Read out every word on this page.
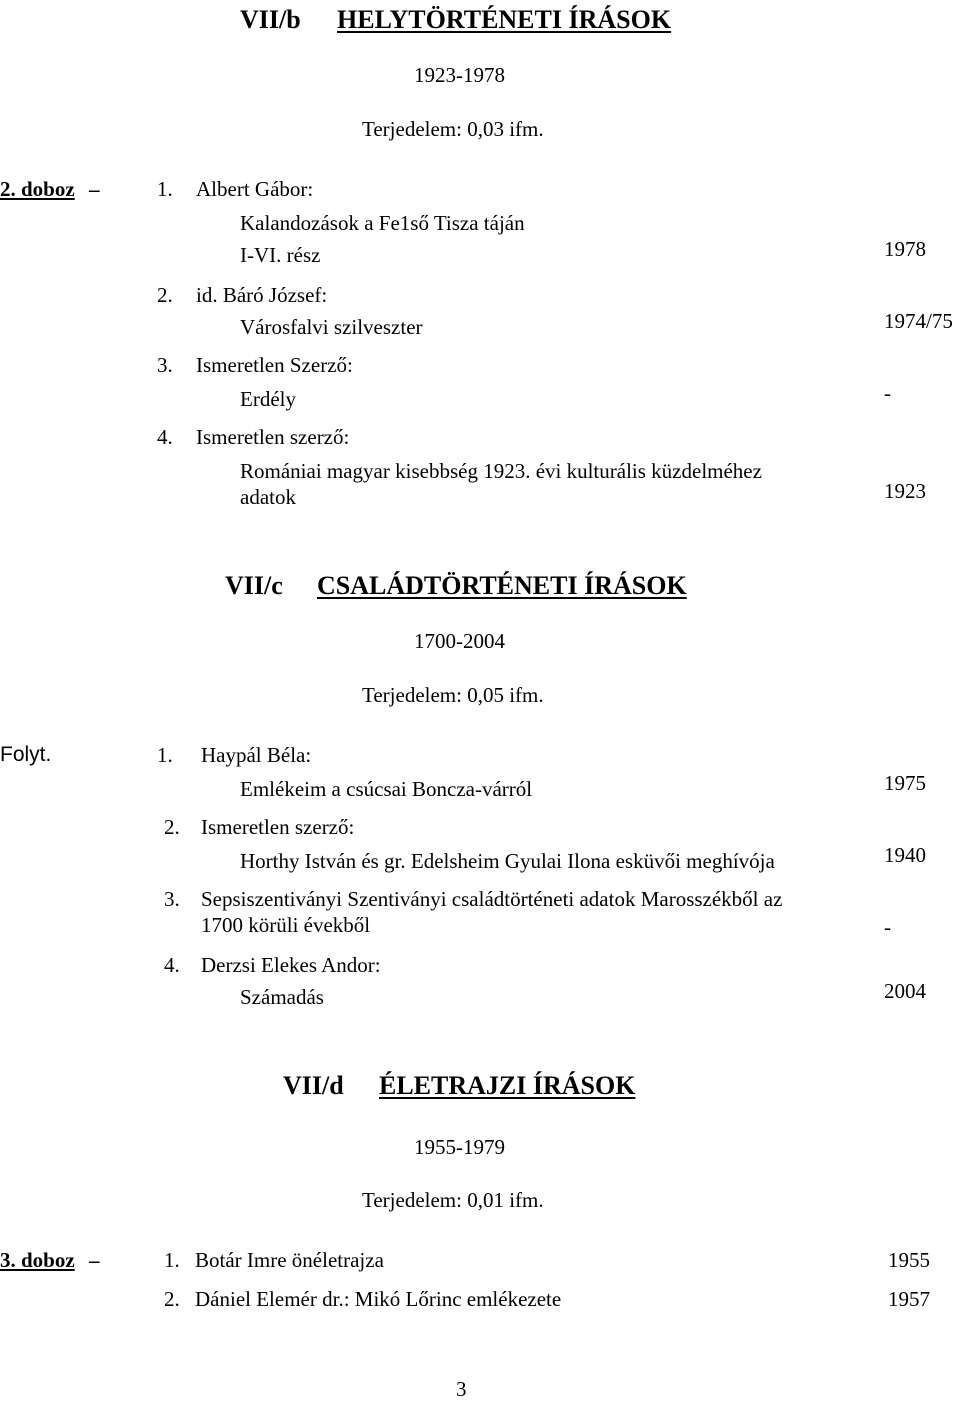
VII/b HELYTÖRTÉNETI ÍRÁSOK
1923-1978
Terjedelem: 0,03 ifm.
2. doboz –	1. Albert Gábor:
Kalandozások a Fe1ső Tisza táján
I-VI. rész	1978
2. id. Báró József:
Városfalvi szilveszter	1974/75
3. Ismeretlen Szerző:
Erdély	-
4. Ismeretlen szerző:
Romániai magyar kisebbség 1923. évi kulturális küzdelméhez
adatok	1923
VII/c CSALÁDTÖRTÉNETI ÍRÁSOK
1700-2004
Terjedelem: 0,05 ifm.
Folyt.	1. Haypál Béla:
Emlékeim a csúcsai Boncza-várról	1975
2. Ismeretlen szerző:
Horthy István és gr. Edelsheim Gyulai Ilona esküvői meghívója	1940
3. Sepsiszentiványi Szentiványi családtörténeti adatok Marosszékből az
1700 körüli évekből	-
4. Derzsi Elekes Andor:
Számadás	2004
VII/d ÉLETRAJZI ÍRÁSOK
1955-1979
Terjedelem: 0,01 ifm.
3. doboz –	1. Botár Imre önéletrajza	1955
2. Dániel Elemér dr.: Mikó Lőrinc emlékezete	1957
3
